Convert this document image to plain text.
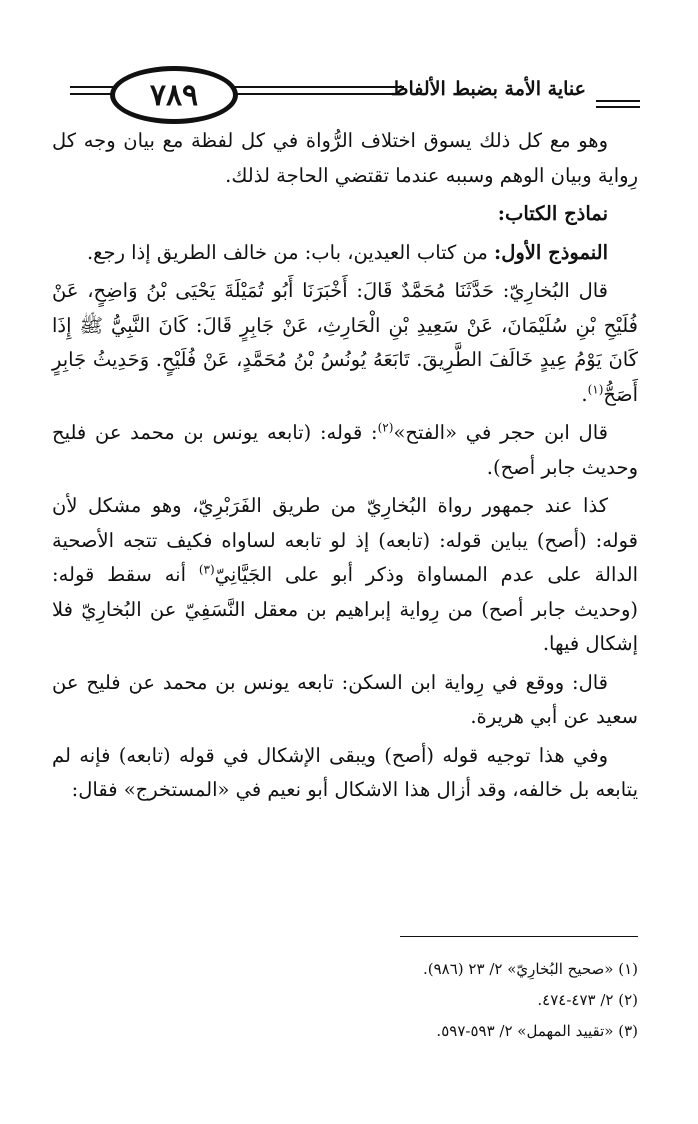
٧٨٩	عناية الأمة بضبط الألفاظ

وهو مع كل ذلك يسوق اختلاف الرُّواة في كل لفظة مع بيان وجه كل رِواية وبيان الوهم وسببه عندما تقتضي الحاجة لذلك.

نماذج الكتاب:

النموذج الأول: من كتاب العيدين، باب: من خالف الطريق إذا رجع.

قال البُخارِيّ: حَدَّثَنَا مُحَمَّدٌ قَالَ: أَخْبَرَنَا أَبُو تُمَيْلَةَ يَحْيَى بْنُ وَاضِحٍ، عَنْ فُلَيْحِ بْنِ سُلَيْمَانَ، عَنْ سَعِيدِ بْنِ الْحَارِثِ، عَنْ جَابِرٍ قَالَ: كَانَ النَّبِيُّ ﷺ إِذَا كَانَ يَوْمُ عِيدٍ خَالَفَ الطَّرِيقَ. تَابَعَهُ يُونُسُ بْنُ مُحَمَّدٍ، عَنْ فُلَيْحٍ. وَحَدِيثُ جَابِرٍ أَصَحُّ$^{(١)}$.

قال ابن حجر في «الفتح»$^{(٢)}$: قوله: (تابعه يونس بن محمد عن فليح وحديث جابر أصح).

كذا عند جمهور رواة البُخارِيّ من طريق الفَرَبْرِيّ، وهو مشكل لأن قوله: (أصح) يباين قوله: (تابعه) إذ لو تابعه لساواه فكيف تتجه الأصحية الدالة على عدم المساواة وذكر أبو على الجَيَّانِيّ$^{(٣)}$ أنه سقط قوله: (وحديث جابر أصح) من رِواية إبراهيم بن معقل النَّسَفِيّ عن البُخارِيّ فلا إشكال فيها.

قال: ووقع في رِواية ابن السكن: تابعه يونس بن محمد عن فليح عن سعيد عن أبي هريرة.

وفي هذا توجيه قوله (أصح) ويبقى الإشكال في قوله (تابعه) فإنه لم يتابعه بل خالفه، وقد أزال هذا الاشكال أبو نعيم في «المستخرج» فقال:

(١) «صحيح البُخارِيّ» ٢/ ٢٣ (٩٨٦).
(٢) ٢/ ٤٧٣-٤٧٤.
(٣) «تقييد المهمل» ٢/ ٥٩٣-٥٩٧.
